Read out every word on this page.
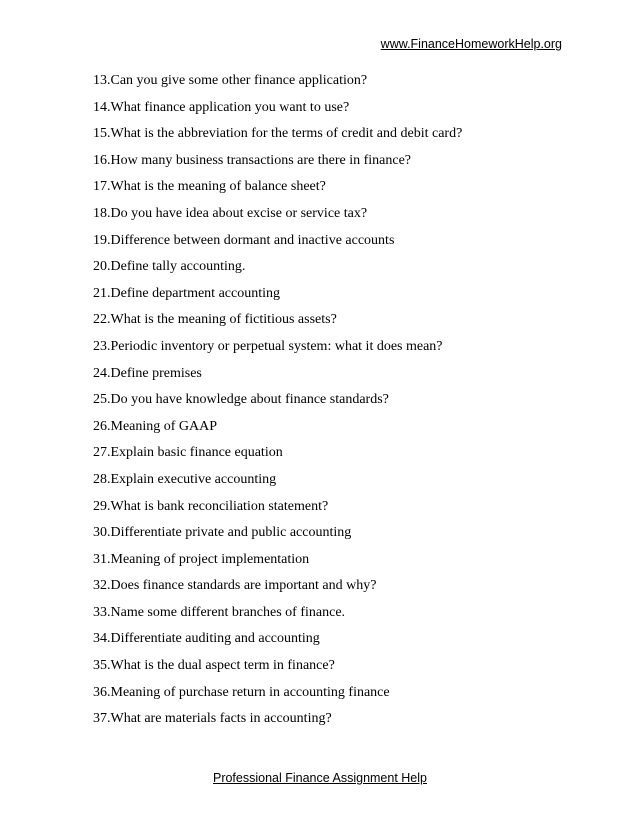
www.FinanceHomeworkHelp.org
13.Can you give some other finance application?
14.What finance application you want to use?
15.What is the abbreviation for the terms of credit and debit card?
16.How many business transactions are there in finance?
17.What is the meaning of balance sheet?
18.Do you have idea about excise or service tax?
19.Difference between dormant and inactive accounts
20.Define tally accounting.
21.Define department accounting
22.What is the meaning of fictitious assets?
23.Periodic inventory or perpetual system: what it does mean?
24.Define premises
25.Do you have knowledge about finance standards?
26.Meaning of GAAP
27.Explain basic finance equation
28.Explain executive accounting
29.What is bank reconciliation statement?
30.Differentiate private and public accounting
31.Meaning of project implementation
32.Does finance standards are important and why?
33.Name some different branches of finance.
34.Differentiate auditing and accounting
35.What is the dual aspect term in finance?
36.Meaning of purchase return in accounting finance
37.What are materials facts in accounting?
Professional Finance Assignment Help
